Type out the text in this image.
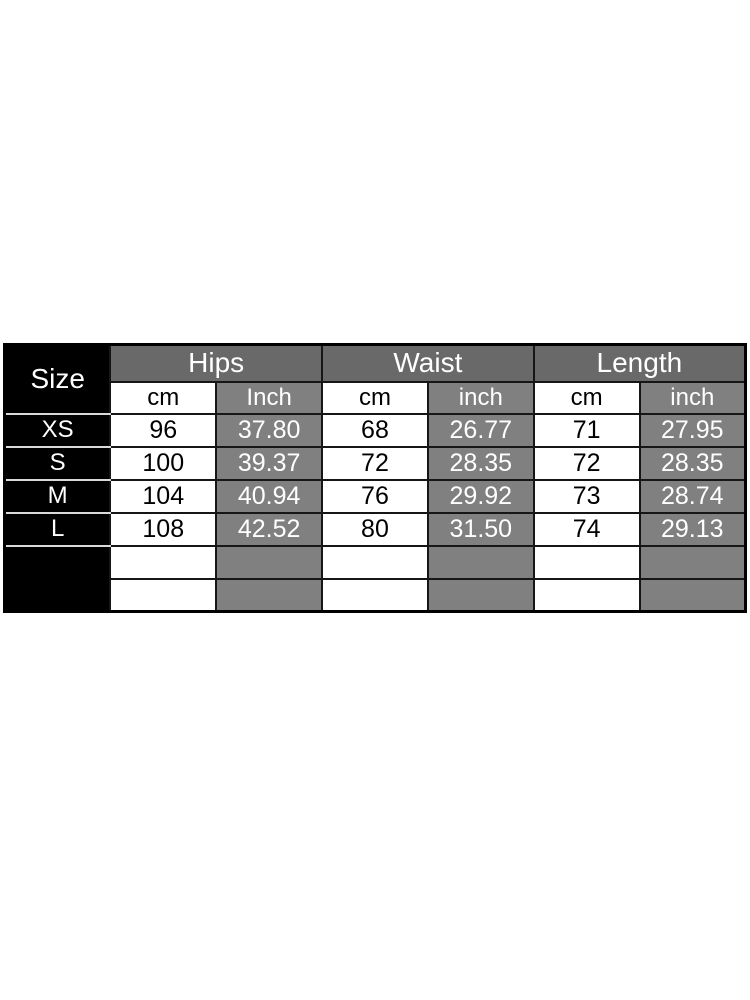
Size	Hips		Waist		Length	
	cm	Inch	cm	inch	cm	inch
XS	96	37.80	68	26.77	71	27.95
S	100	39.37	72	28.35	72	28.35
M	104	40.94	76	29.92	73	28.74
L	108	42.52	80	31.50	74	29.13
